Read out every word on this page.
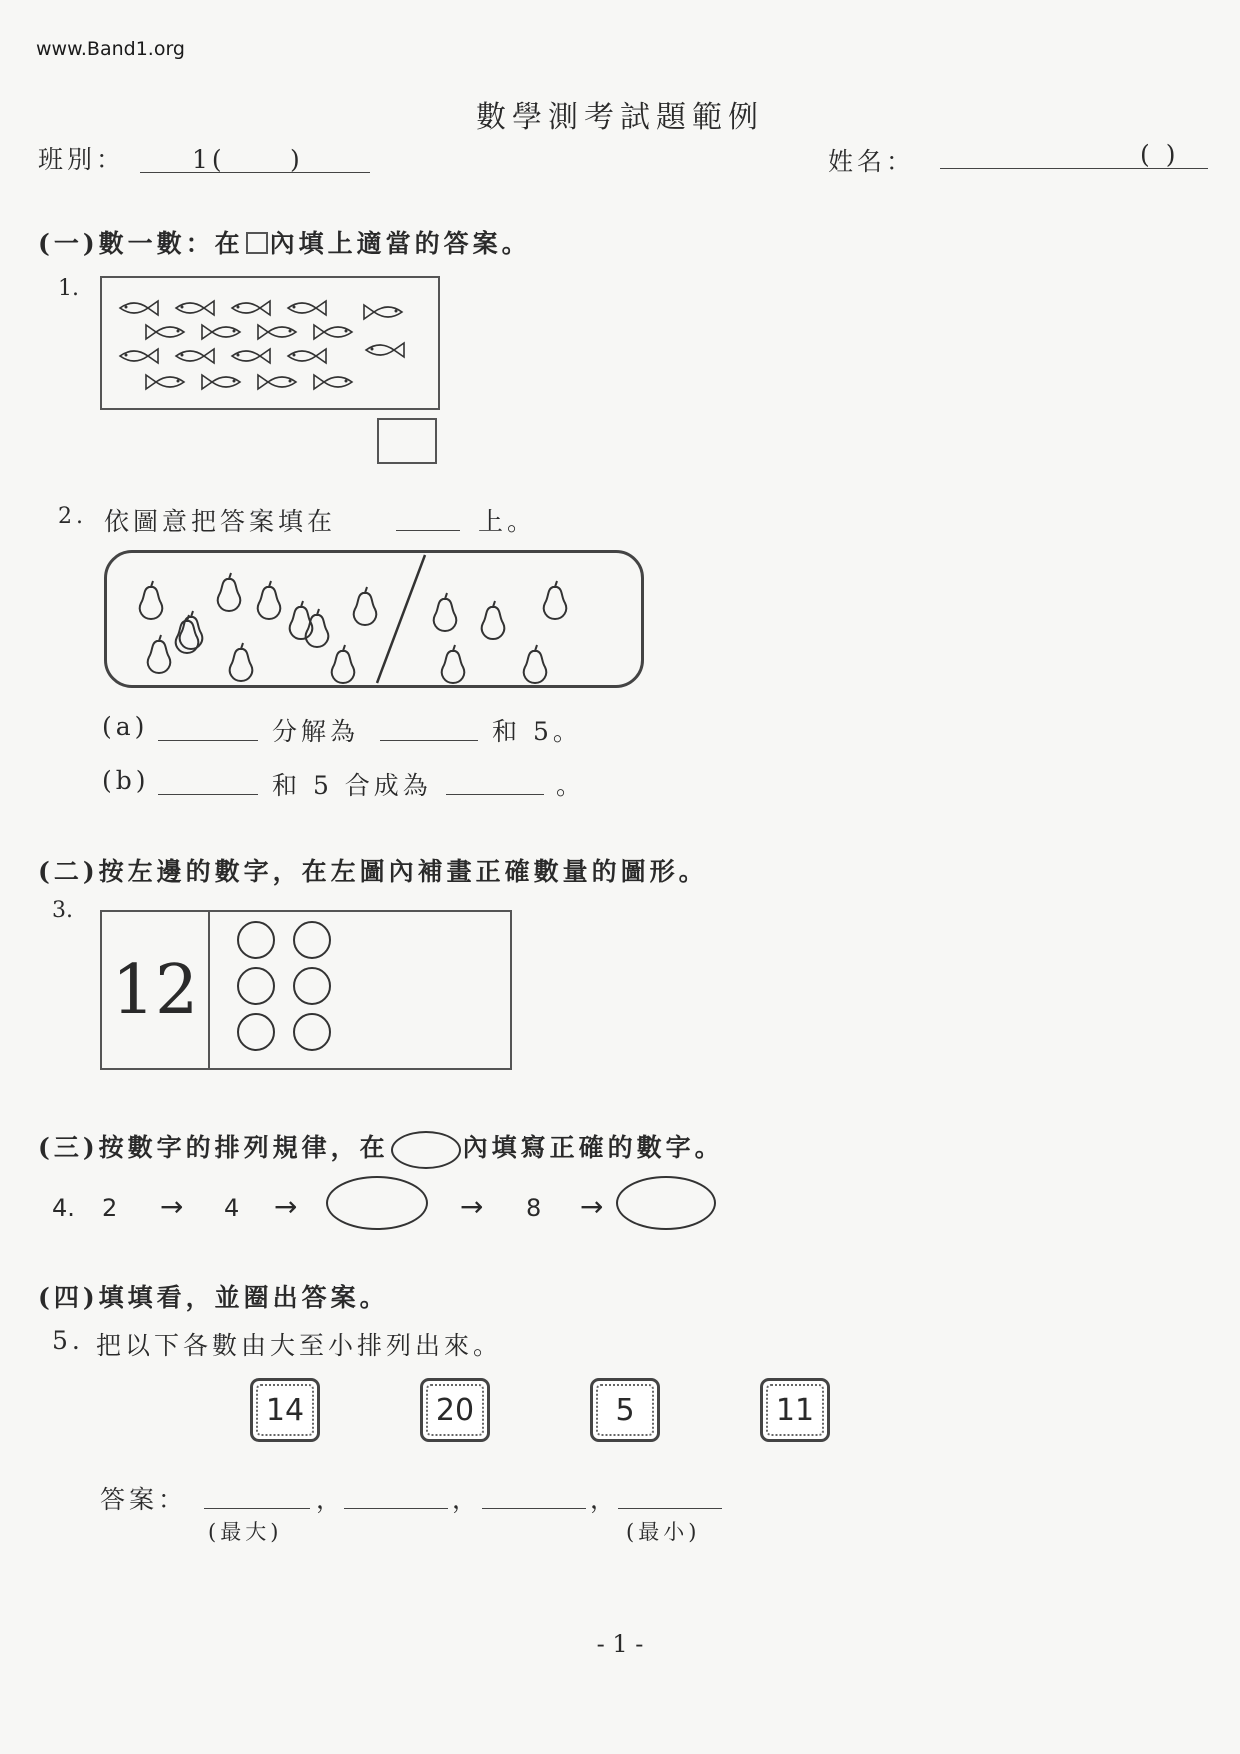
www.Band1.org
數學測考試題範例
班別：	1(	)	姓名：	( )
(一)數一數：在 內填上適當的答案。
1.
2. 依圖意把答案填在	上。
(a)	分解為	和 5。
(b)	和 5 合成為	。
(二)按左邊的數字，在左圖內補畫正確數量的圖形。
3.
12
(三)按數字的排列規律，在	內填寫正確的數字。
4. 2 → 4 →	→ 8 →
(四)填填看，並圈出答案。
5. 把以下各數由大至小排列出來。
14	20	5	11
答案：	，	，	，
(最大)	(最小)
- 1 -
